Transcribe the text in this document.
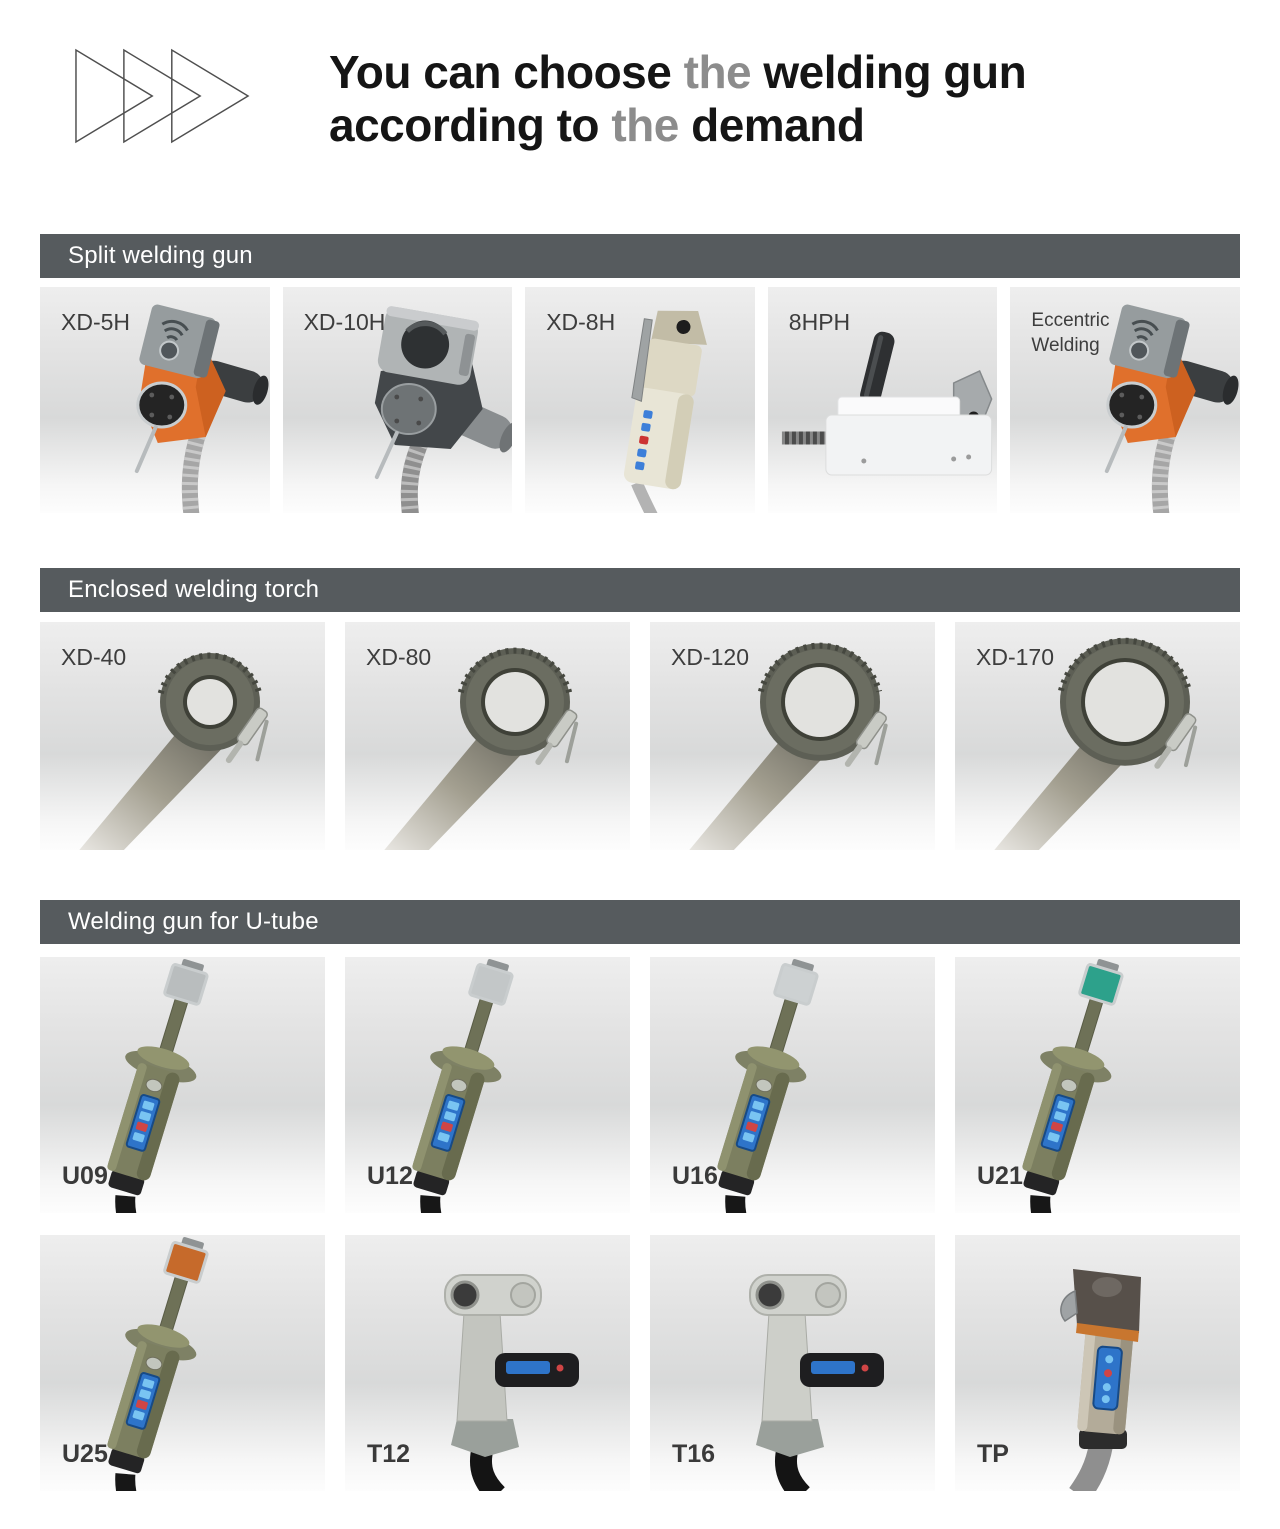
You can choose the welding gun
according to the demand
Split welding gun
XD-5H	XD-10H	XD-8H	8HPH	Eccentric Welding
Enclosed welding torch
XD-40	XD-80	XD-120	XD-170
Welding gun for U-tube
U09	U12	U16	U21
U25	T12	T16	TP
